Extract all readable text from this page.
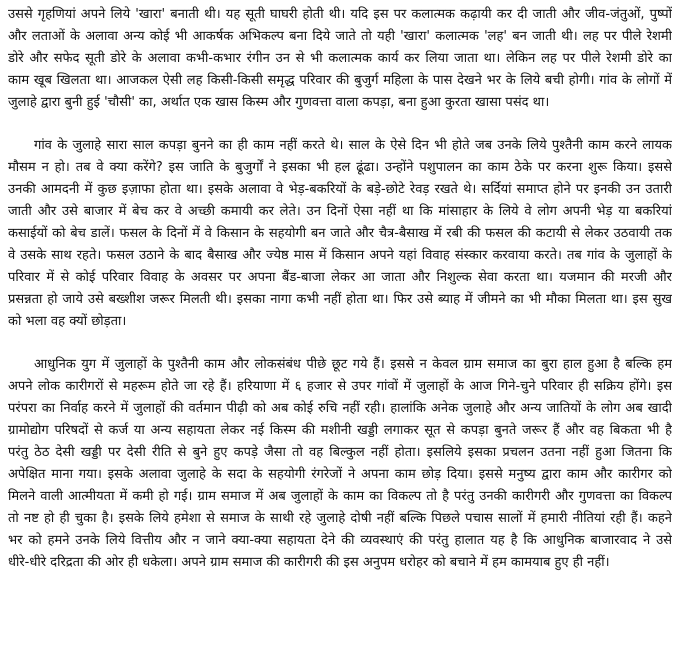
उससे गृहणियां अपने लिये 'खारा' बनाती थी। यह सूती घाघरी होती थी। यदि इस पर कलात्मक कढ़ायी कर दी जाती और जीव-जंतुओं, पुष्पों
और लताओं के अलावा अन्य कोई भी आकर्षक अभिकल्प बना दिये जाते तो यही 'खारा' कलात्मक 'लह' बन जाती थी। लह पर पीले रेशमी
डोरे और सफेद सूती डोरे के अलावा कभी-कभार रंगीन उन से भी कलात्मक कार्य कर लिया जाता था। लेकिन लह पर पीले रेशमी डोरे का
काम खूब खिलता था। आजकल ऐसी लह किसी-किसी समृद्ध परिवार की बुजुर्ग महिला के पास देखने भर के लिये बची होगी। गांव के लोगों में
जुलाहे द्वारा बुनी हुई 'चौसी' का, अर्थात एक खास किस्म और गुणवत्ता वाला कपड़ा, बना हुआ कुरता खासा पसंद था।
गांव के जुलाहे सारा साल कपड़ा बुनने का ही काम नहीं करते थे। साल के ऐसे दिन भी होते जब उनके लिये पुश्तैनी काम करने लायक
मौसम न हो। तब वे क्या करेंगे? इस जाति के बुजुर्गों ने इसका भी हल ढूंढा। उन्होंने पशुपालन का काम ठेके पर करना शुरू किया। इससे
उनकी आमदनी में कुछ इज़ाफा होता था। इसके अलावा वे भेड़-बकरियों के बड़े-छोटे रेवड़ रखते थे। सर्दियां समाप्त होने पर इनकी उन उतारी
जाती और उसे बाजार में बेच कर वे अच्छी कमायी कर लेते। उन दिनों ऐसा नहीं था कि मांसाहार के लिये वे लोग अपनी भेड़ या बकरियां
कसाईयों को बेच डालें। फसल के दिनों में वे किसान के सहयोगी बन जाते और चैत्र-बैसाख में रबी की फसल की कटायी से लेकर उठवायी तक
वे उसके साथ रहते। फसल उठाने के बाद बैसाख और ज्येष्ठ मास में किसान अपने यहां विवाह संस्कार करवाया करते। तब गांव के जुलाहों के
परिवार में से कोई परिवार विवाह के अवसर पर अपना बैंड-बाजा लेकर आ जाता और निशुल्क सेवा करता था। यजमान की मरजी और
प्रसन्नता हो जाये उसे बख्शीश जरूर मिलती थी। इसका नागा कभी नहीं होता था। फिर उसे ब्याह में जीमने का भी मौका मिलता था। इस सुख
को भला वह क्यों छोड़ता।
आधुनिक युग में जुलाहों के पुश्तैनी काम और लोकसंबंध पीछे छूट गये हैं। इससे न केवल ग्राम समाज का बुरा हाल हुआ है बल्कि हम
अपने लोक कारीगरों से महरूम होते जा रहे हैं। हरियाणा में ६ हजार से उपर गांवों में जुलाहों के आज गिने-चुने परिवार ही सक्रिय होंगे। इस
परंपरा का निर्वाह करने में जुलाहों की वर्तमान पीढ़ी को अब कोई रुचि नहीं रही। हालांकि अनेक जुलाहे और अन्य जातियों के लोग अब खादी
ग्रामोद्योग परिषदों से कर्ज या अन्य सहायता लेकर नई किस्म की मशीनी खड्डी लगाकर सूत से कपड़ा बुनते जरूर हैं और वह बिकता भी है
परंतु ठेठ देसी खड्डी पर देसी रीति से बुने हुए कपड़े जैसा तो वह बिल्कुल नहीं होता। इसलिये इसका प्रचलन उतना नहीं हुआ जितना कि
अपेक्षित माना गया। इसके अलावा जुलाहे के सदा के सहयोगी रंगरेजों ने अपना काम छोड़ दिया। इससे मनुष्य द्वारा काम और कारीगर को
मिलने वाली आत्मीयता में कमी हो गई। ग्राम समाज में अब जुलाहों के काम का विकल्प तो है परंतु उनकी कारीगरी और गुणवत्ता का विकल्प
तो नष्ट हो ही चुका है। इसके लिये हमेशा से समाज के साथी रहे जुलाहे दोषी नहीं बल्कि पिछले पचास सालों में हमारी नीतियां रही हैं। कहने
भर को हमने उनके लिये वित्तीय और न जाने क्या-क्या सहायता देने की व्यवस्थाएं की परंतु हालात यह है कि आधुनिक बाजारवाद ने उसे
धीरे-धीरे दरिद्रता की ओर ही धकेला। अपने ग्राम समाज की कारीगरी की इस अनुपम धरोहर को बचाने में हम कामयाब हुए ही नहीं।
